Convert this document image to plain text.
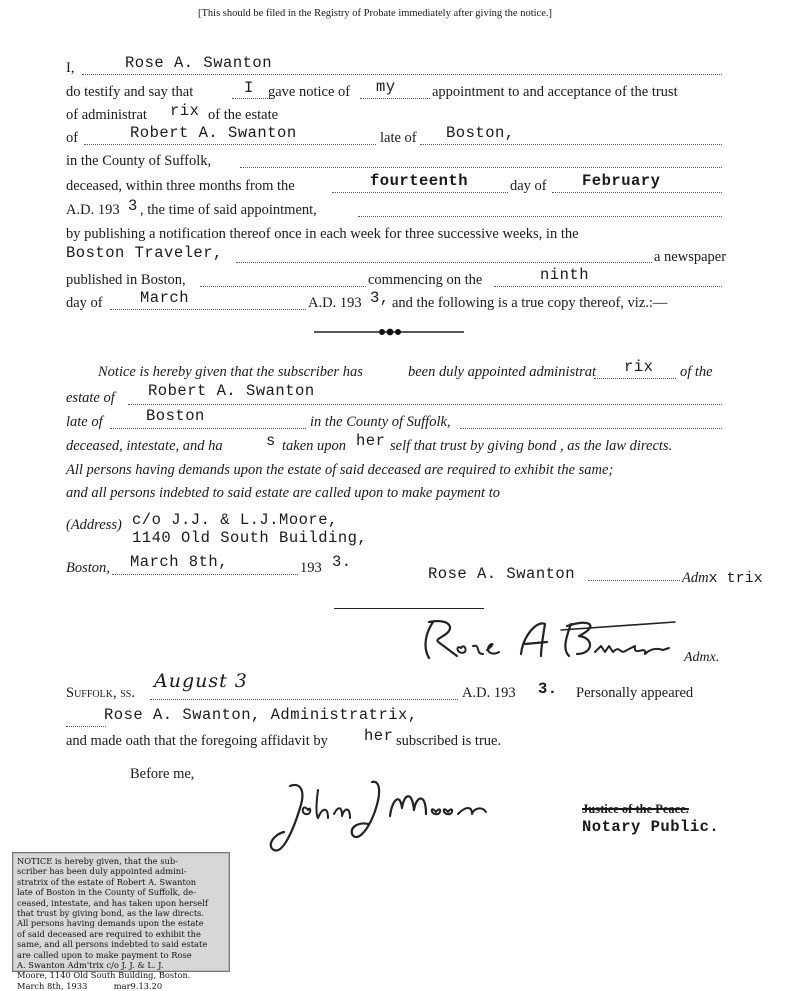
[This should be filed in the Registry of Probate immediately after giving the notice.]
I,	Rose A. Swanton
do testify and say that	I gave notice of my	appointment to and acceptance of the trust
of administrat rix of the estate
of	Robert A. Swanton	late of Boston,
in the County of Suffolk,
deceased, within three months from the	fourteenth	day of February
A.D. 193 3 , the time of said appointment,
by publishing a notification thereof once in each week for three successive weeks, in the
Boston Traveler,	a newspaper
published in Boston,	commencing on the	ninth
day of March	A.D. 193 3, and the following is a true copy thereof, viz.:—
Notice is hereby given that the subscriber has	been duly appointed administrat rix of the
estate of Robert A. Swanton
late of	Boston	in the County of Suffolk,
deceased, intestate, and ha	s taken upon her self that trust by giving bond , as the law directs.
All persons having demands upon the estate of said deceased are required to exhibit the same;
and all persons indebted to said estate are called upon to make payment to
(Address) c/o J.J. & L.J.Moore,
1140 Old South Building,
Boston, March 8th,	193 3.
Rose A. Swanton	Admx trix
Admx.
Suffolk, ss.
August 3
A.D. 193 3. Personally appeared
Rose A. Swanton, Administratrix,
and made oath that the foregoing affidavit by her subscribed is true.
Before me,
Justice of the Peace.
Notary Public.
NOTICE is hereby given, that the sub-
scriber has been duly appointed admini-
stratrix of the estate of Robert A. Swanton
late of Boston in the County of Suffolk, de-
ceased, intestate, and has taken upon herself
that trust by giving bond, as the law directs.
All persons having demands upon the estate
of said deceased are required to exhibit the
same, and all persons indebted to said estate
are called upon to make payment to Rose
A. Swanton Adm'trix c/o J. J. & L. J.
Moore, 1140 Old South Building, Boston.
March 8th, 1933          mar9.13.20
